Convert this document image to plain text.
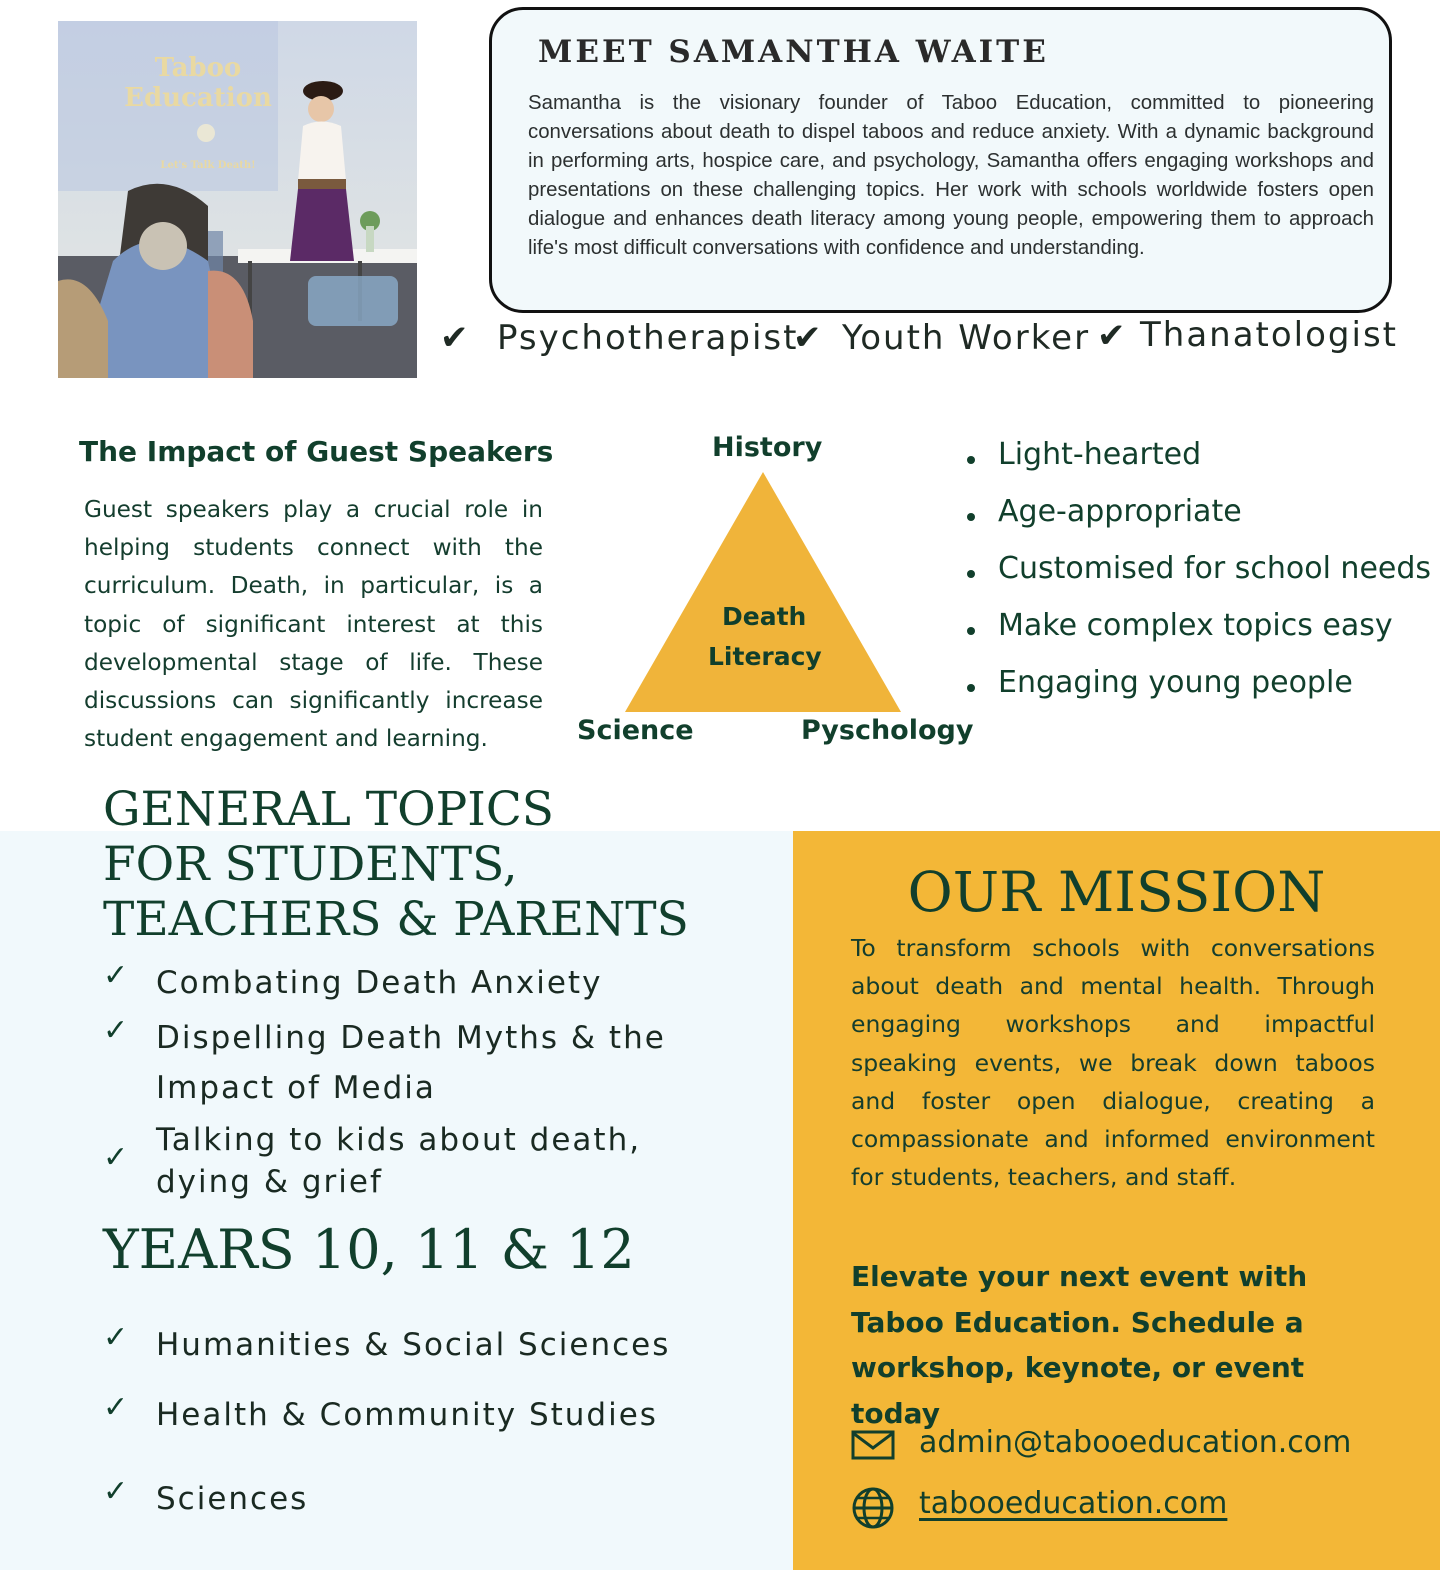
Taboo
Education
Let's Talk Death!
MEET SAMANTHA WAITE

Samantha is the visionary founder of Taboo Education, committed to pioneering conversations about death to dispel taboos and reduce anxiety. With a dynamic background in performing arts, hospice care, and psychology, Samantha offers engaging workshops and presentations on these challenging topics. Her work with schools worldwide fosters open dialogue and enhances death literacy among young people, empowering them to approach life's most difficult conversations with confidence and understanding.

✔ Psychotherapist
✔ Youth Worker ✔ Thanatologist
The Impact of Guest Speakers

Guest speakers play a crucial role in helping students connect with the curriculum. Death, in particular, is a topic of significant interest at this developmental stage of life. These discussions can significantly increase student engagement and learning.

History
Death
Literacy
Science	Pyschology
Light-hearted
Age-appropriate
Customised for school needs
Make complex topics easy
Engaging young people
GENERAL TOPICS
FOR STUDENTS,
TEACHERS & PARENTS
✓ Combating Death Anxiety
✓ Dispelling Death Myths & the
Impact of Media
✓ Talking to kids about death,
dying & grief
YEARS 10, 11 & 12
✓ Humanities & Social Sciences
✓ Health & Community Studies
✓ Sciences
OUR MISSION

To transform schools with conversations about death and mental health. Through engaging workshops and impactful speaking events, we break down taboos and foster open dialogue, creating a compassionate and informed environment for students, teachers, and staff.

Elevate your next event with
Taboo Education. Schedule a
workshop, keynote, or event today
admin@tabooeducation.com
tabooeducation.com
